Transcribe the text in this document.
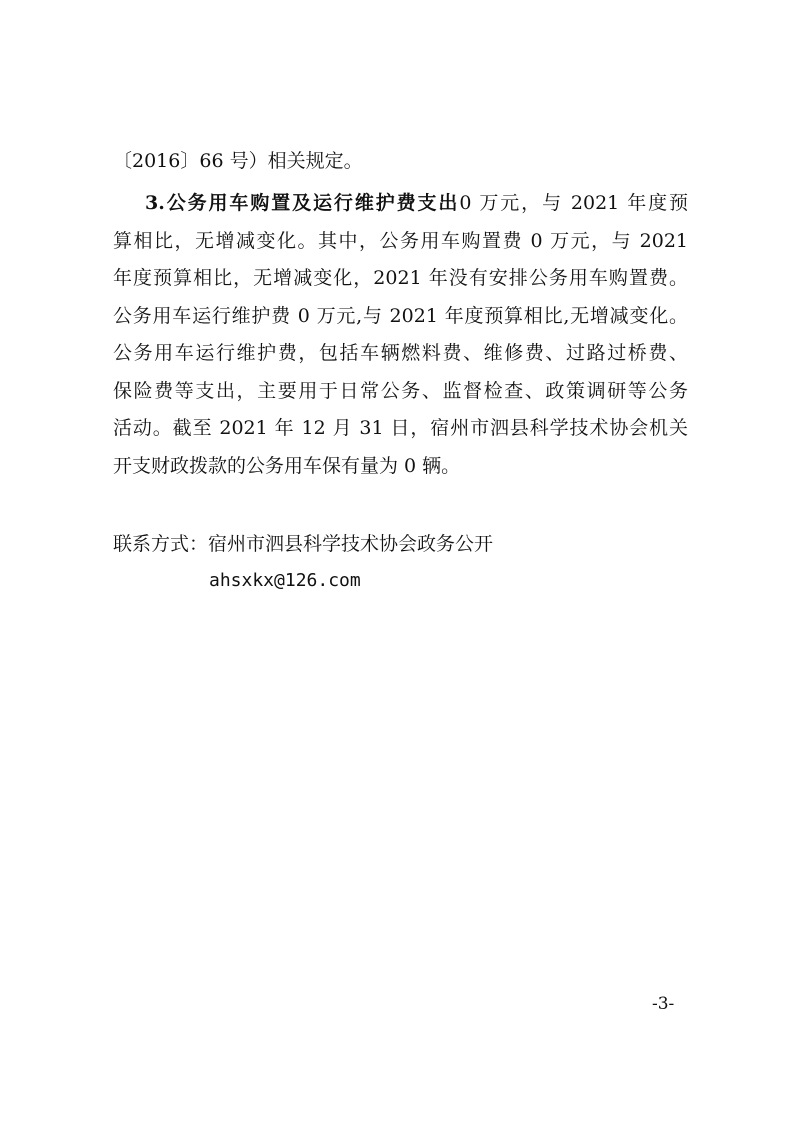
〔2016〕66 号）相关规定。
3.公务用车购置及运行维护费支出0 万元，与 2021 年度预
算相比，无增减变化。其中，公务用车购置费 0 万元，与 2021
年度预算相比，无增减变化，2021 年没有安排公务用车购置费。
公务用车运行维护费 0 万元,与 2021 年度预算相比,无增减变化。
公务用车运行维护费，包括车辆燃料费、维修费、过路过桥费、
保险费等支出，主要用于日常公务、监督检查、政策调研等公务
活动。截至 2021 年 12 月 31 日，宿州市泗县科学技术协会机关
开支财政拨款的公务用车保有量为 0 辆。
联系方式：宿州市泗县科学技术协会政务公开
ahsxkx@126.com
-3-
